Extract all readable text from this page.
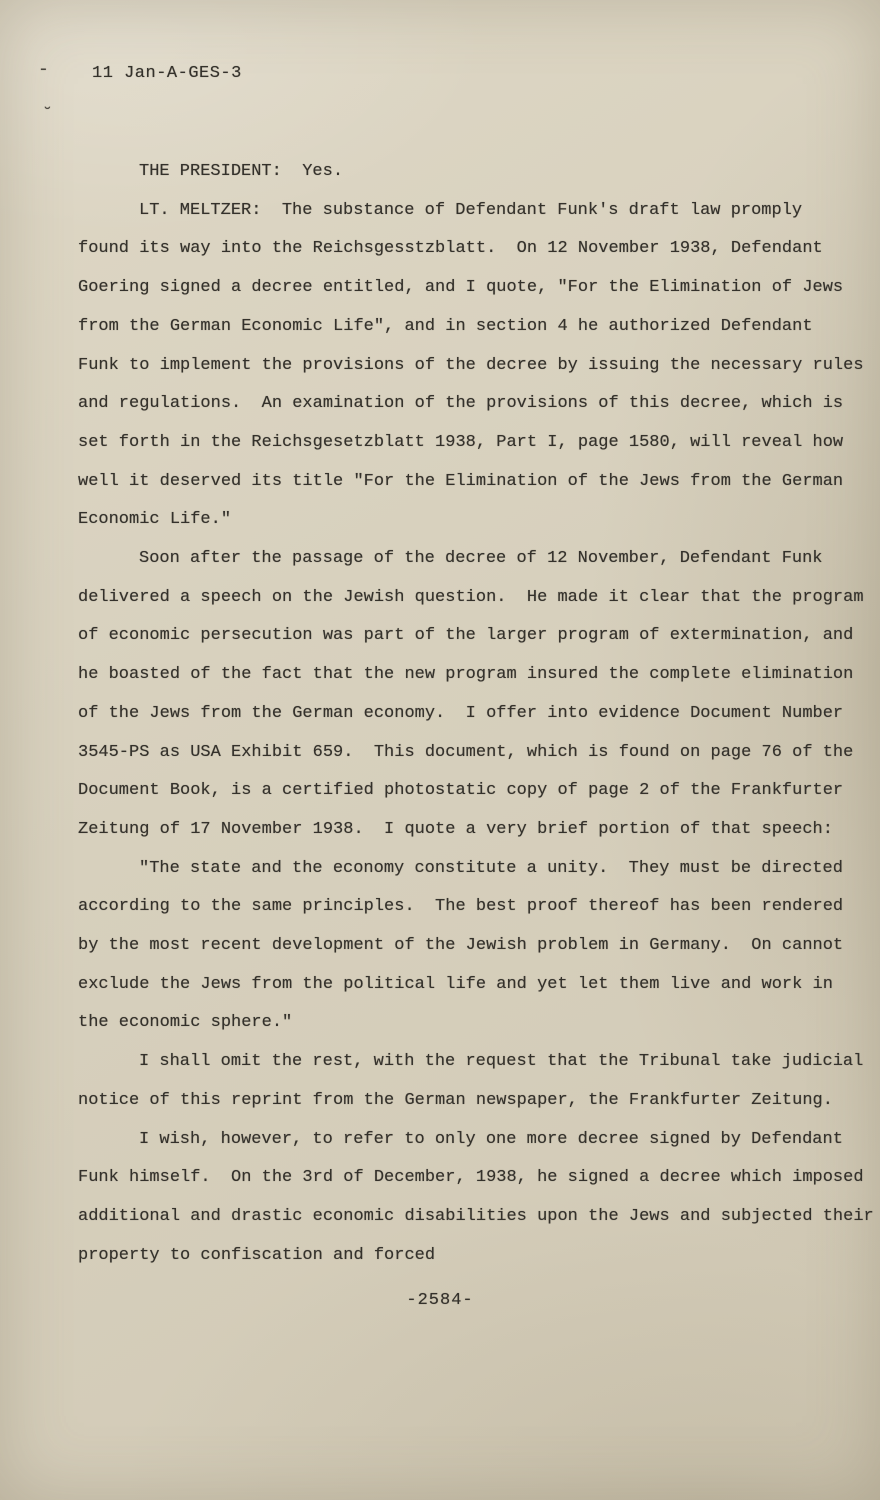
-
˘
11 Jan-A-GES-3
THE PRESIDENT:  Yes.
LT. MELTZER:  The substance of Defendant Funk's draft law promply
found its way into the Reichsgesstzblatt.  On 12 November 1938, Defendant
Goering signed a decree entitled, and I quote, "For the Elimination of Jews
from the German Economic Life", and in section 4 he authorized Defendant
Funk to implement the provisions of the decree by issuing the necessary rules
and regulations.  An examination of the provisions of this decree, which is
set forth in the Reichsgesetzblatt 1938, Part I, page 1580, will reveal how
well it deserved its title "For the Elimination of the Jews from the German
Economic Life."
Soon after the passage of the decree of 12 November, Defendant Funk
delivered a speech on the Jewish question.  He made it clear that the program
of economic persecution was part of the larger program of extermination, and
he boasted of the fact that the new program insured the complete elimination
of the Jews from the German economy.  I offer into evidence Document Number
3545-PS as USA Exhibit 659.  This document, which is found on page 76 of the
Document Book, is a certified photostatic copy of page 2 of the Frankfurter
Zeitung of 17 November 1938.  I quote a very brief portion of that speech:
"The state and the economy constitute a unity.  They must be directed
according to the same principles.  The best proof thereof has been rendered
by the most recent development of the Jewish problem in Germany.  On cannot
exclude the Jews from the political life and yet let them live and work in
the economic sphere."
I shall omit the rest, with the request that the Tribunal take judicial
notice of this reprint from the German newspaper, the Frankfurter Zeitung.
I wish, however, to refer to only one more decree signed by Defendant
Funk himself.  On the 3rd of December, 1938, he signed a decree which imposed
additional and drastic economic disabilities upon the Jews and subjected their
property to confiscation and forced
-2584-
